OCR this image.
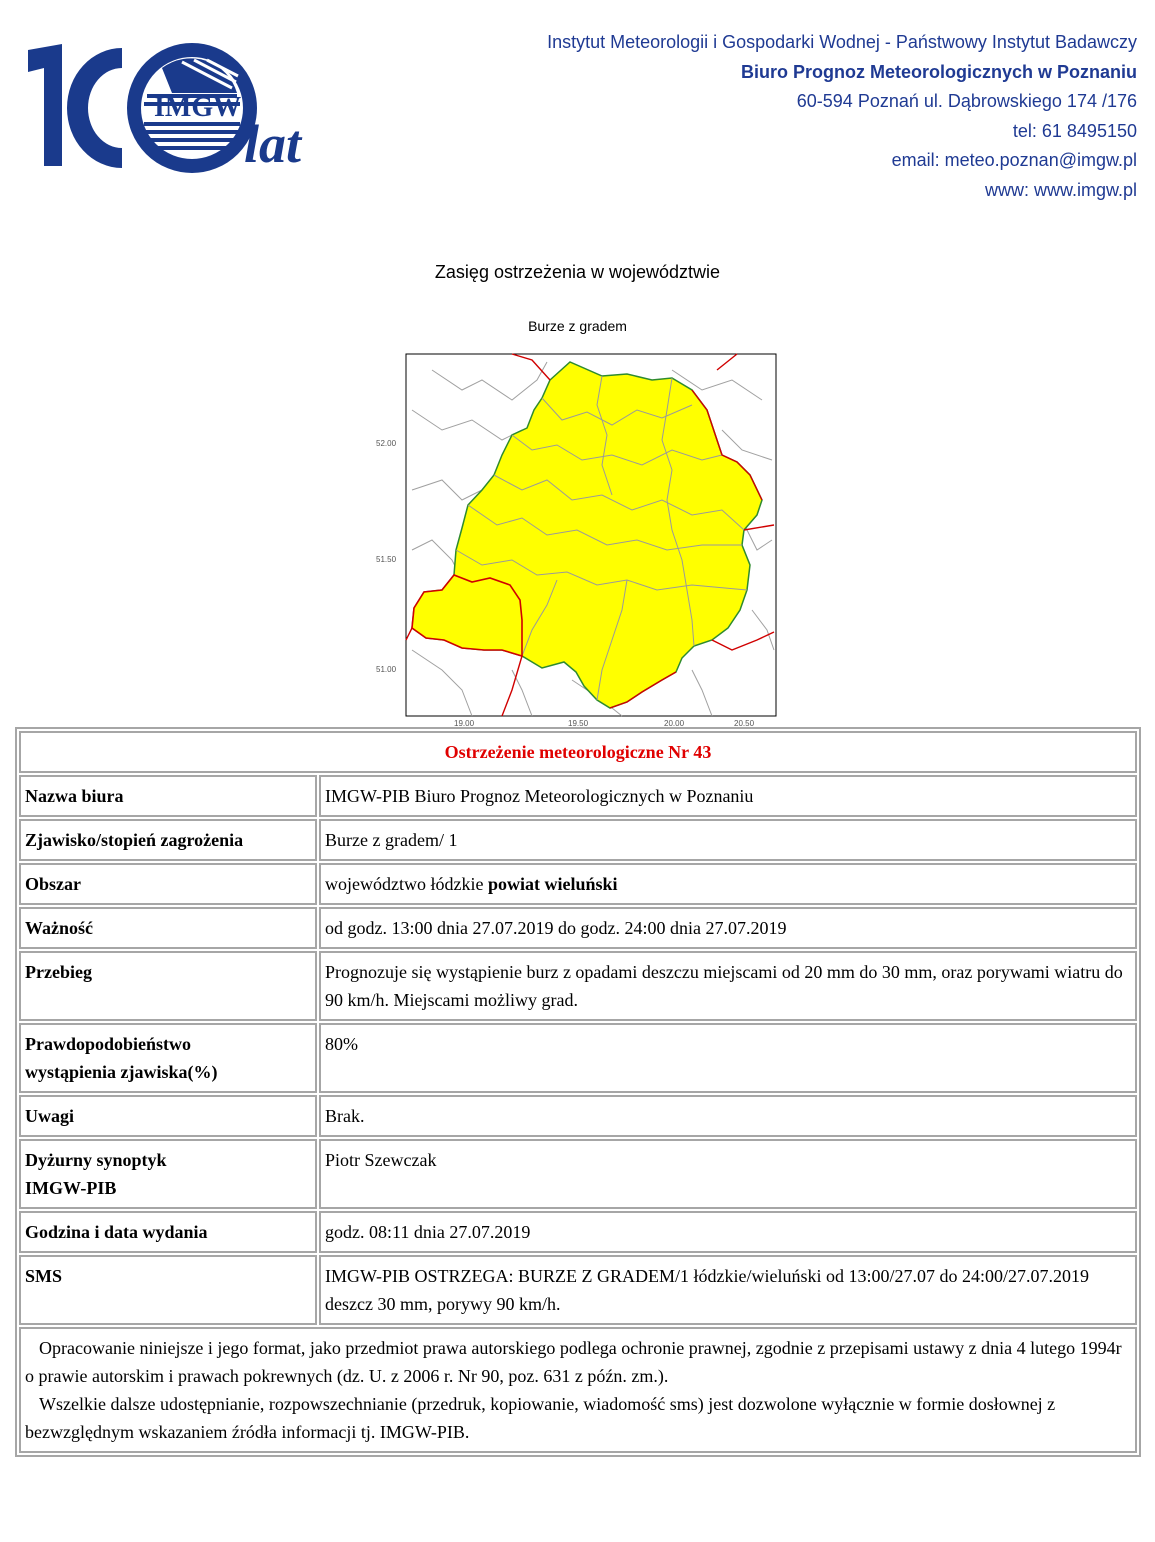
IMGW
lat
Instytut Meteorologii i Gospodarki Wodnej - Państwowy Instytut Badawczy
Biuro Prognoz Meteorologicznych w Poznaniu
60-594 Poznań ul. Dąbrowskiego 174 /176
tel: 61 8495150
email: meteo.poznan@imgw.pl
www: www.imgw.pl
Zasięg ostrzeżenia w województwie
Burze z gradem
52.00
51.50
51.00
19.00	19.50	20.00	20.50
Ostrzeżenie meteorologiczne Nr 43	
Nazwa biura	IMGW-PIB Biuro Prognoz Meteorologicznych w Poznaniu
Zjawisko/stopień zagrożenia	Burze z gradem/ 1
Obszar	województwo łódzkie powiat wieluński
Ważność	od godz. 13:00 dnia 27.07.2019 do godz. 24:00 dnia 27.07.2019
Przebieg	Prognozuje się wystąpienie burz z opadami deszczu miejscami od 20 mm do 30 mm, oraz porywami wiatru do 90 km/h. Miejscami możliwy grad.
Prawdopodobieństwo
wystąpienia zjawiska(%)	80%
Uwagi	Brak.
Dyżurny synoptyk
IMGW-PIB	Piotr Szewczak
Godzina i data wydania	godz. 08:11 dnia 27.07.2019
SMS	IMGW-PIB OSTRZEGA: BURZE Z GRADEM/1 łódzkie/wieluński od 13:00/27.07 do 24:00/27.07.2019 deszcz 30 mm, porywy 90 km/h.
Opracowanie niniejsze i jego format, jako przedmiot prawa autorskiego podlega ochronie prawnej, zgodnie z przepisami ustawy z dnia 4 lutego 1994r o prawie autorskim i prawach pokrewnych (dz. U. z 2006 r. Nr 90, poz. 631 z późn. zm.).
Wszelkie dalsze udostępnianie, rozpowszechnianie (przedruk, kopiowanie, wiadomość sms) jest dozwolone wyłącznie w formie dosłownej z bezwzględnym wskazaniem źródła informacji tj. IMGW-PIB.	
